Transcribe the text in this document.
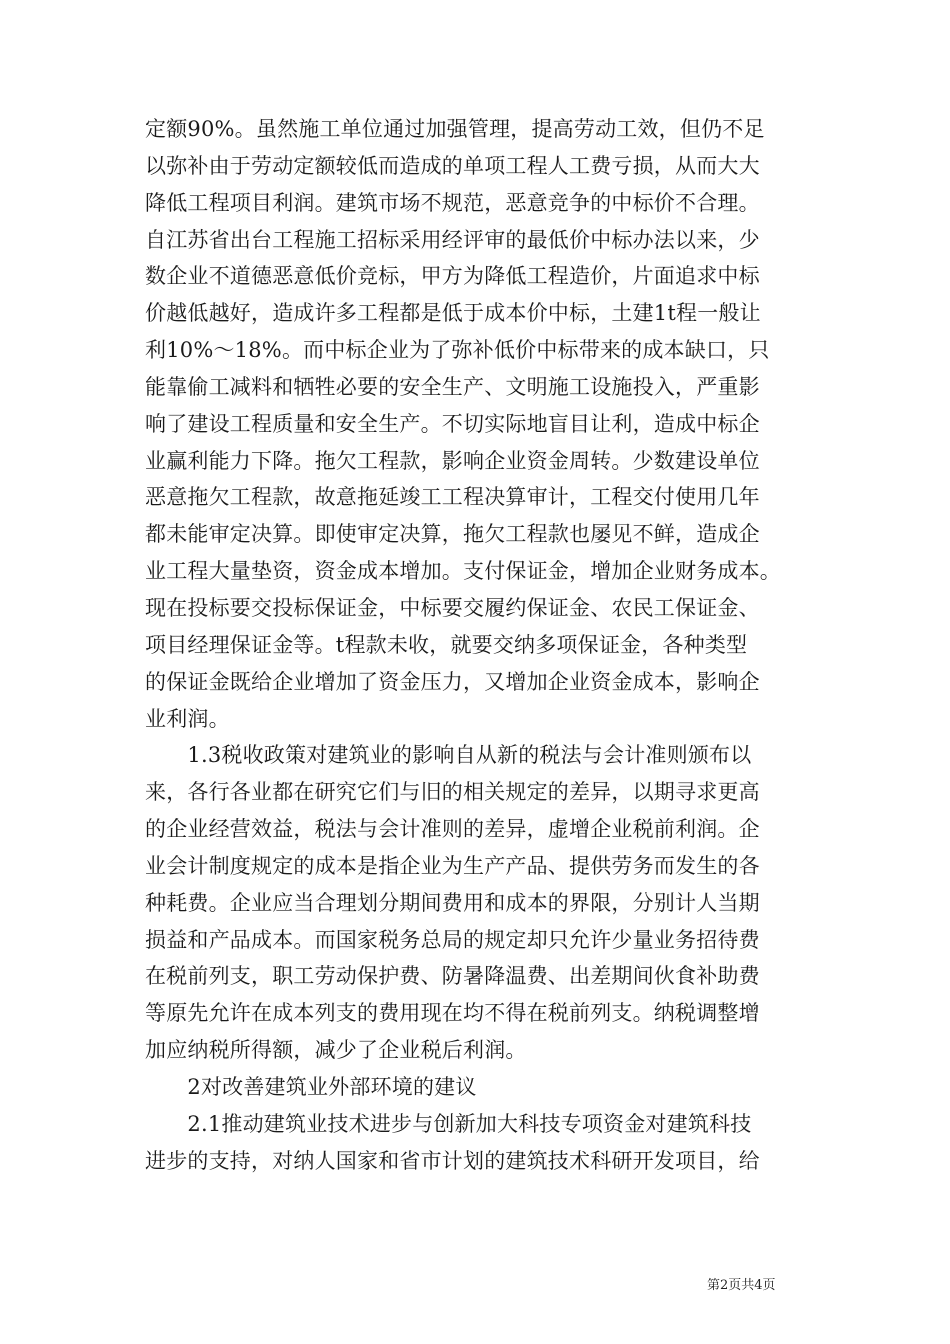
定额90%。虽然施工单位通过加强管理，提高劳动工效，但仍不足
以弥补由于劳动定额较低而造成的单项工程人工费亏损，从而大大
降低工程项目利润。建筑市场不规范，恶意竞争的中标价不合理。
自江苏省出台工程施工招标采用经评审的最低价中标办法以来，少
数企业不道德恶意低价竞标，甲方为降低工程造价，片面追求中标
价越低越好，造成许多工程都是低于成本价中标，土建1t程一般让
利10%～18%。而中标企业为了弥补低价中标带来的成本缺口，只
能靠偷工减料和牺牲必要的安全生产、文明施工设施投入，严重影
响了建设工程质量和安全生产。不切实际地盲目让利，造成中标企
业赢利能力下降。拖欠工程款，影响企业资金周转。少数建设单位
恶意拖欠工程款，故意拖延竣工工程决算审计，工程交付使用几年
都未能审定决算。即使审定决算，拖欠工程款也屡见不鲜，造成企
业工程大量垫资，资金成本增加。支付保证金，增加企业财务成本。
现在投标要交投标保证金，中标要交履约保证金、农民工保证金、
项目经理保证金等。t程款未收，就要交纳多项保证金，各种类型
的保证金既给企业增加了资金压力，又增加企业资金成本，影响企
业利润。
　　1.3税收政策对建筑业的影响自从新的税法与会计准则颁布以
来，各行各业都在研究它们与旧的相关规定的差异，以期寻求更高
的企业经营效益，税法与会计准则的差异，虚增企业税前利润。企
业会计制度规定的成本是指企业为生产产品、提供劳务而发生的各
种耗费。企业应当合理划分期间费用和成本的界限，分别计人当期
损益和产品成本。而国家税务总局的规定却只允许少量业务招待费
在税前列支，职工劳动保护费、防暑降温费、出差期间伙食补助费
等原先允许在成本列支的费用现在均不得在税前列支。纳税调整增
加应纳税所得额，减少了企业税后利润。
　　2对改善建筑业外部环境的建议
　　2.1推动建筑业技术进步与创新加大科技专项资金对建筑科技
进步的支持，对纳人国家和省市计划的建筑技术科研开发项目，给
第2页共4页
